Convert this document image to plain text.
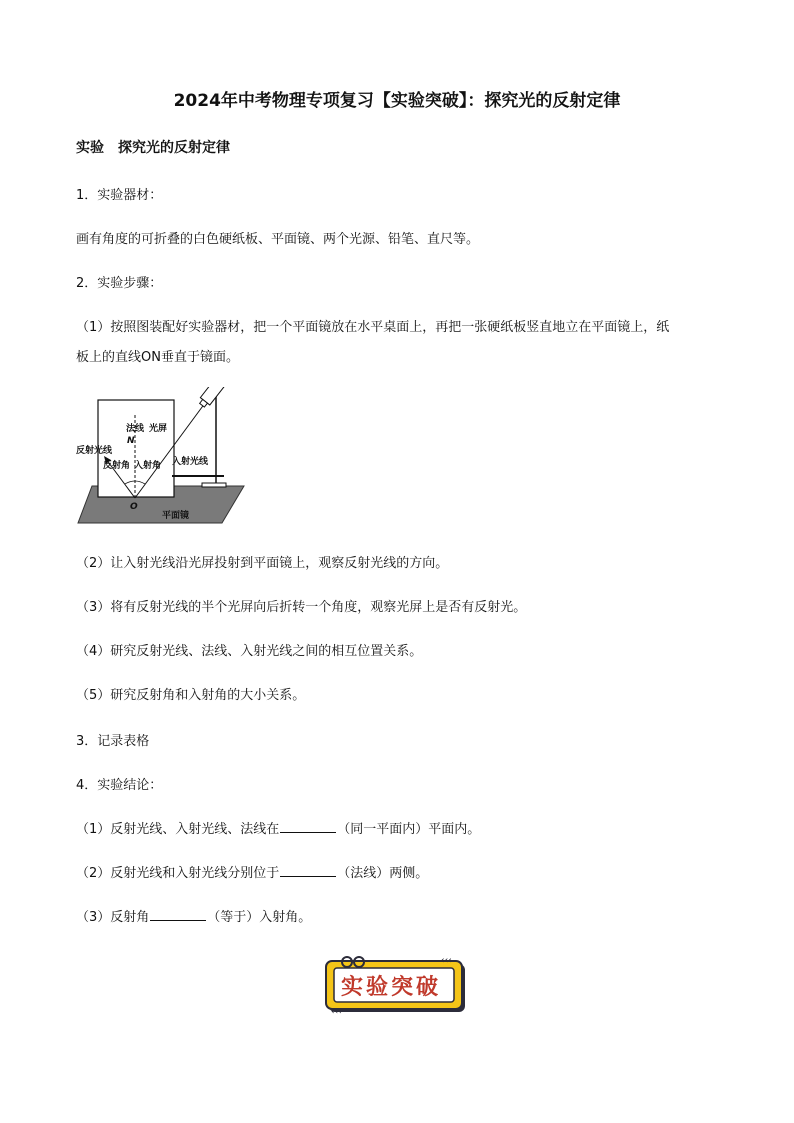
2024年中考物理专项复习【实验突破】：探究光的反射定律
实验　探究光的反射定律
1．实验器材：
画有角度的可折叠的白色硬纸板、平面镜、两个光源、铅笔、直尺等。
2．实验步骤：
（1）按照图装配好实验器材，把一个平面镜放在水平桌面上，再把一张硬纸板竖直地立在平面镜上，纸
板上的直线ON垂直于镜面。
法线 光屏
N
反射光线
反射角 入射角 入射光线
O
平面镜
（2）让入射光线沿光屏投射到平面镜上，观察反射光线的方向。
（3）将有反射光线的半个光屏向后折转一个角度，观察光屏上是否有反射光。
（4）研究反射光线、法线、入射光线之间的相互位置关系。
（5）研究反射角和入射角的大小关系。
3．记录表格
4．实验结论：
（1）反射光线、入射光线、法线在	（同一平面内）平面内。
（2）反射光线和入射光线分别位于	（法线）两侧。
（3）反射角	（等于）入射角。
‹‹‹
‹‹‹
实验突破
